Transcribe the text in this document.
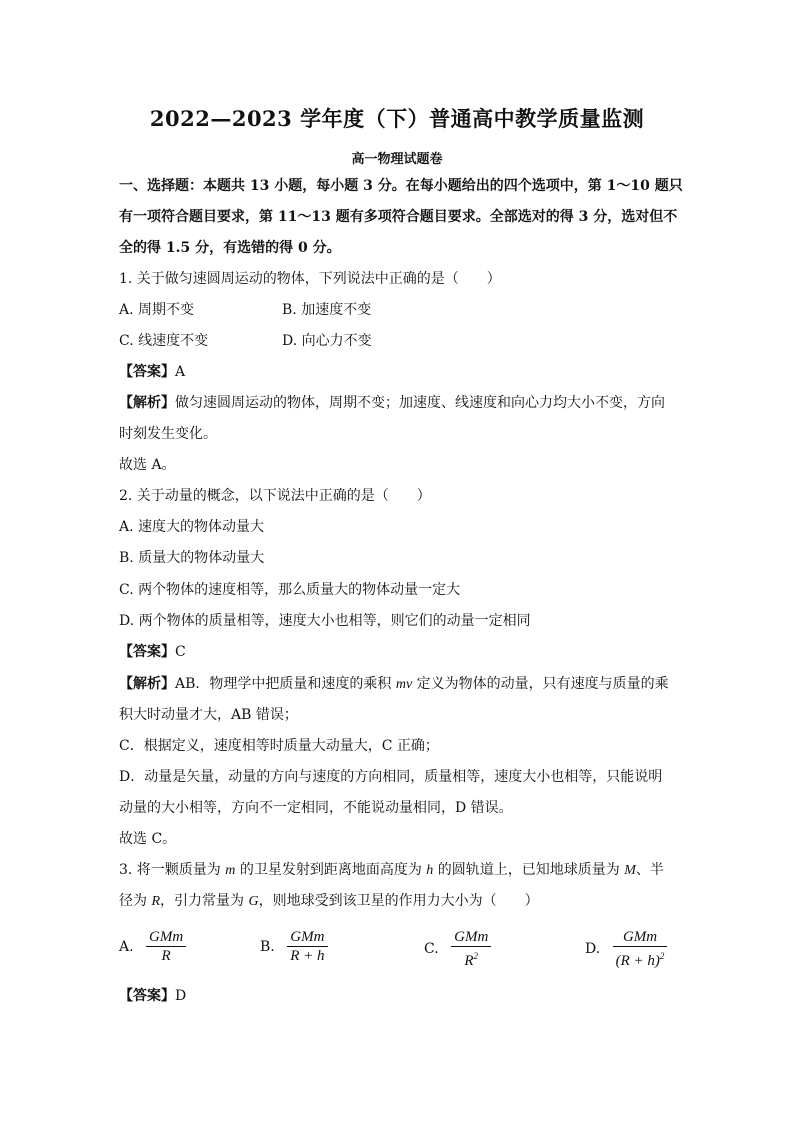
2022—2023 学年度（下）普通高中教学质量监测
高一物理试题卷
一、选择题：本题共 13 小题，每小题 3 分。在每小题给出的四个选项中，第 1～10 题只
有一项符合题目要求，第 11～13 题有多项符合题目要求。全部选对的得 3 分，选对但不
全的得 1.5 分，有选错的得 0 分。
1. 关于做匀速圆周运动的物体，下列说法中正确的是（　　）
A. 周期不变	B. 加速度不变
C. 线速度不变	D. 向心力不变
【答案】A
【解析】做匀速圆周运动的物体，周期不变；加速度、线速度和向心力均大小不变，方向
时刻发生变化。
故选 A。
2. 关于动量的概念，以下说法中正确的是（　　）
A. 速度大的物体动量大
B. 质量大的物体动量大
C. 两个物体的速度相等，那么质量大的物体动量一定大
D. 两个物体的质量相等，速度大小也相等，则它们的动量一定相同
【答案】C
【解析】AB．物理学中把质量和速度的乘积 mv 定义为物体的动量，只有速度与质量的乘
积大时动量才大，AB 错误；
C．根据定义，速度相等时质量大动量大，C 正确；
D．动量是矢量，动量的方向与速度的方向相同，质量相等，速度大小也相等，只能说明
动量的大小相等，方向不一定相同，不能说动量相同，D 错误。
故选 C。
3. 将一颗质量为 m 的卫星发射到距离地面高度为 h 的圆轨道上，已知地球质量为 M、半
径为 R，引力常量为 G，则地球受到该卫星的作用力大小为（　　）
A. $\frac{\text{GMm}}{R}$	B. $\frac{\text{GMm}}{R + h}$	C. $\frac{\text{GMm}}{R^2}$	D. $\frac{\text{GMm}}{(R + h)^2}$
【答案】D
